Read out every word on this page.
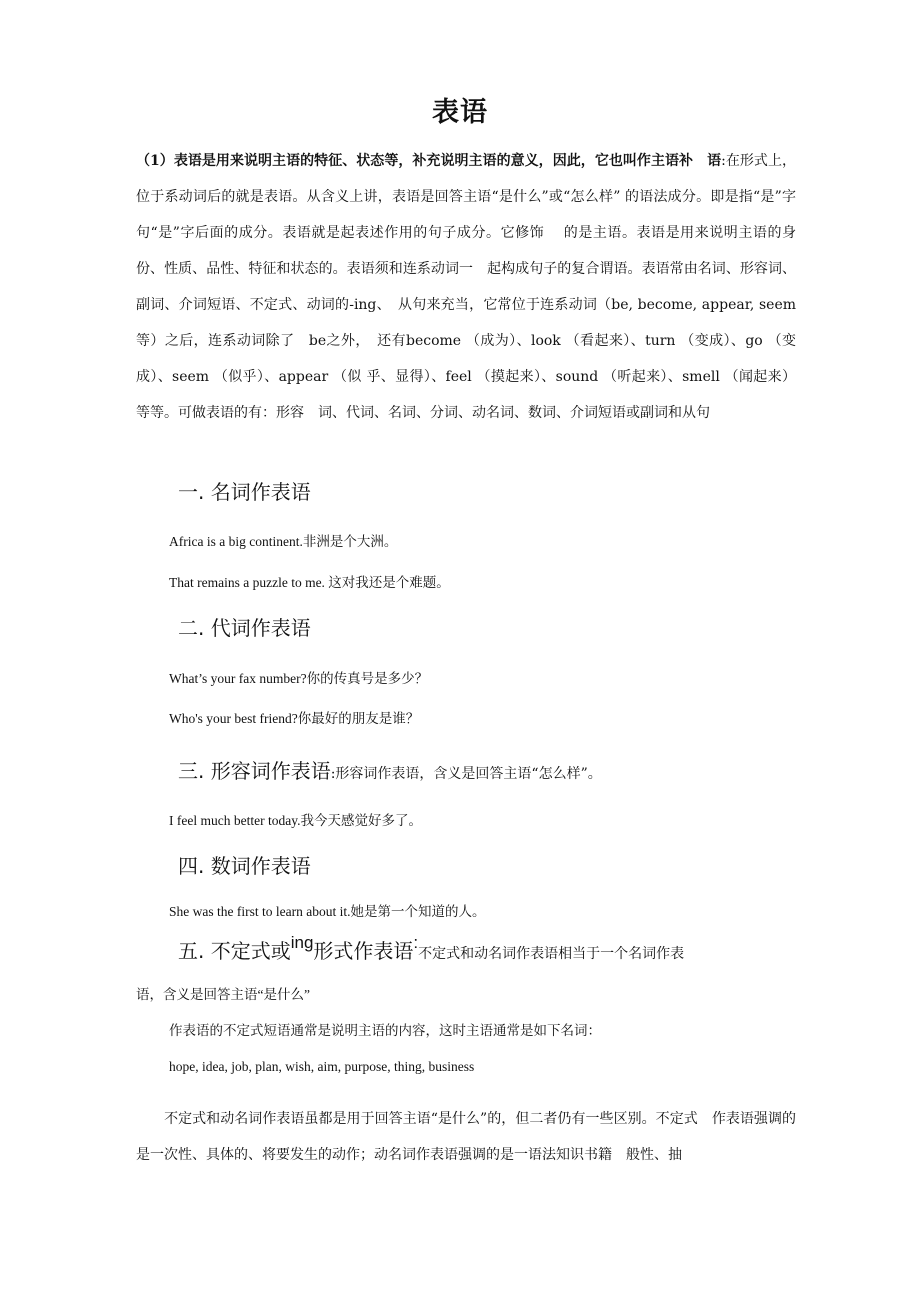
表语

（1）表语是用来说明主语的特征、状态等，补充说明主语的意义，因此，它也叫作主语补　语:在形式上，位于系动词后的就是表语。从含义上讲，表语是回答主语“是什么”或“怎么样” 的语法成分。即是指“是”字句“是”字后面的成分。表语就是起表述作用的句子成分。它修饰　 的是主语。表语是用来说明主语的身份、性质、品性、特征和状态的。表语须和连系动词一　起构成句子的复合谓语。表语常由名词、形容词、副词、介词短语、不定式、动词的-ing、　从句来充当，它常位于连系动词（be, become, appear, seem等）之后，连系动词除了　be之外，　还有become （成为）、look （看起来）、turn （变成）、go （变成）、seem （似乎）、appear （似 乎、显得）、feel （摸起来）、sound （听起来）、smell （闻起来）等等。可做表语的有：形容　词、代词、名词、分词、动名词、数词、介词短语或副词和从句

一. 名词作表语

Africa is a big continent.非洲是个大洲。

That remains a puzzle to me. 这对我还是个难题。

二. 代词作表语

What’s your fax number?你的传真号是多少？

Who's your best friend?你最好的朋友是谁？

三. 形容词作表语:形容词作表语，含义是回答主语“怎么样”。

I feel much better today.我今天感觉好多了。

四. 数词作表语

She was the first to learn about it.她是第一个知道的人。

五. 不定式或$^{ing}$形式作表语:不定式和动名词作表语相当于一个名词作表

语，含义是回答主语“是什么”

作表语的不定式短语通常是说明主语的内容，这时主语通常是如下名词：

hope, idea, job, plan, wish, aim, purpose, thing, business

　　不定式和动名词作表语虽都是用于回答主语“是什么”的，但二者仍有一些区别。不定式　作表语强调的是一次性、具体的、将要发生的动作；动名词作表语强调的是一语法知识书籍　般性、抽
